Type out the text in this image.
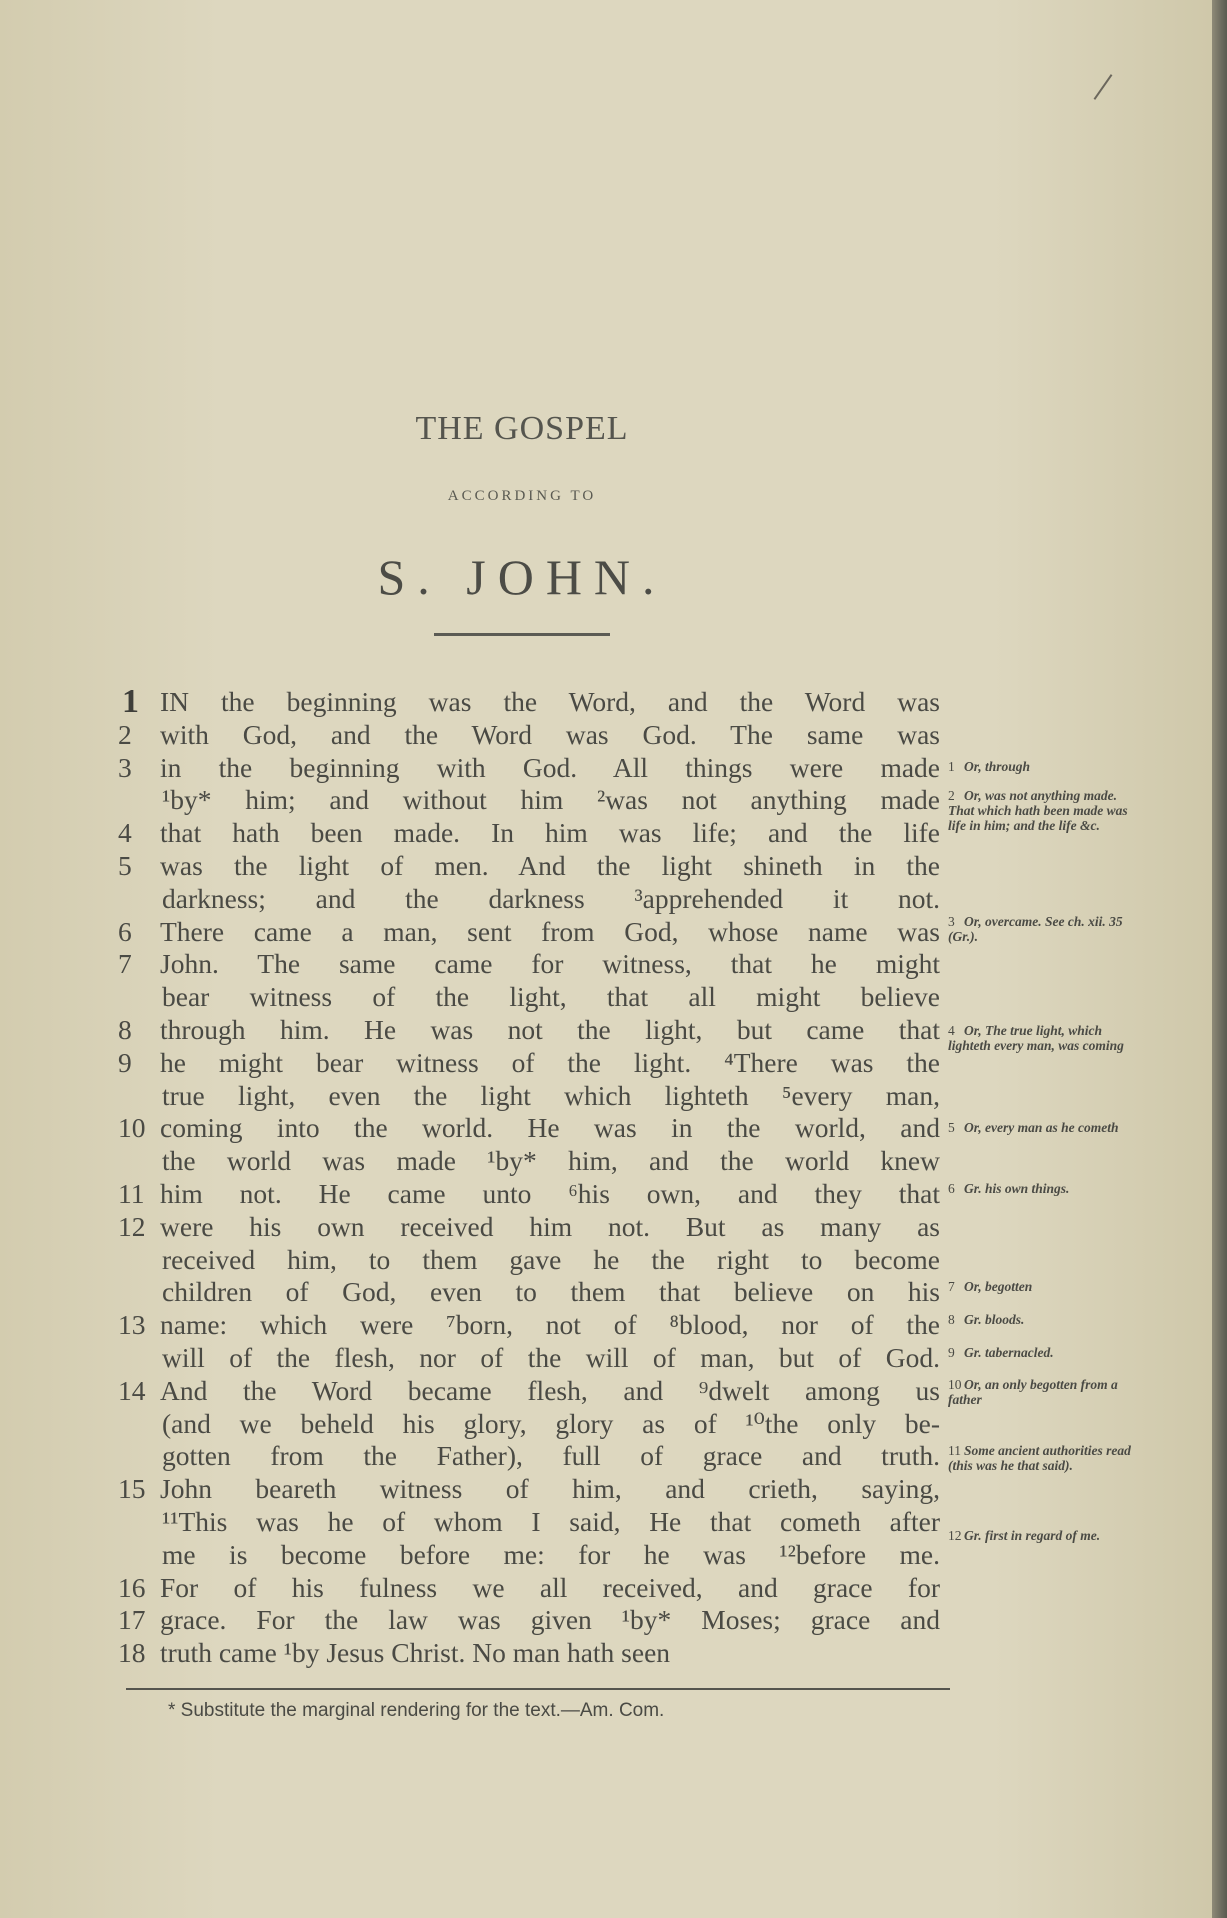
THE GOSPEL
ACCORDING TO
S. JOHN.
1 IN the beginning was the Word, and the Word was
2	with God, and the Word was God. The same was
3	in the beginning with God. All things were made
¹by* him; and without him ²was not anything made
4	that hath been made. In him was life; and the life
5	was the light of men. And the light shineth in the
darkness; and the darkness ³apprehended it not.
6	There came a man, sent from God, whose name was
7	John. The same came for witness, that he might
bear witness of the light, that all might believe
8	through him. He was not the light, but came that
9	he might bear witness of the light. ⁴There was the
true light, even the light which lighteth ⁵every man,
10 coming into the world. He was in the world, and
the world was made ¹by* him, and the world knew
11 him not. He came unto ⁶his own, and they that
12 were his own received him not. But as many as
received him, to them gave he the right to become
children of God, even to them that believe on his
13 name: which were ⁷born, not of ⁸blood, nor of the
will of the flesh, nor of the will of man, but of God.
14 And the Word became flesh, and ⁹dwelt among us
(and we beheld his glory, glory as of ¹⁰the only be-
gotten from the Father), full of grace and truth.
15 John beareth witness of him, and crieth, saying,
¹¹This was he of whom I said, He that cometh after
me is become before me: for he was ¹²before me.
16 For of his fulness we all received, and grace for
17 grace. For the law was given ¹by* Moses; grace and
18 truth came ¹by Jesus Christ. No man hath seen
1 Or, through
2 Or, was not anything made. That which hath been made was life in him; and the life &c.
3 Or, overcame. See ch. xii. 35 (Gr.).
4 Or, The true light, which lighteth every man, was coming
5 Or, every man as he cometh
6 Gr. his own things.
7 Or, begotten
8 Gr. bloods.
9 Gr. tabernacled.
10 Or, an only begotten from a father
11 Some ancient authorities read (this was he that said).
12 Gr. first in regard of me.
* Substitute the marginal rendering for the text.—Am. Com.
